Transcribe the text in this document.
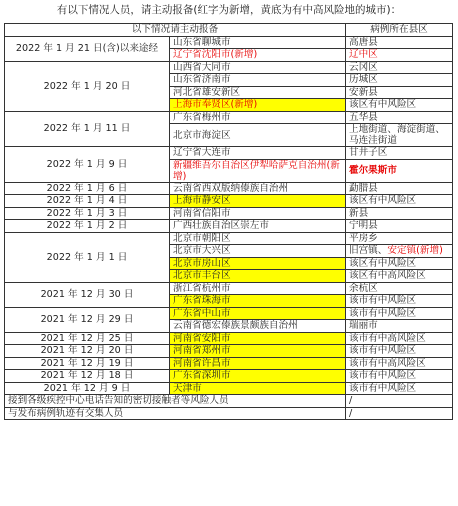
有以下情况人员，请主动报备(红字为新增，黄底为有中高风险地的城市)：
以下情况请主动报备		病例所在县区
2022 年 1 月 21 日(含)以来途经	山东省聊城市	高唐县
	辽宁省沈阳市(新增)	辽中区
2022 年 1 月 20 日	山西省大同市	云冈区
	山东省济南市	历城区
	河北省雄安新区	安新县
	上海市奉贤区(新增)	该区有中风险区
2022 年 1 月 11 日	广东省梅州市	五华县
	北京市海淀区	上地街道、海淀街道、马连洼街道
2022 年 1 月 9 日	辽宁省大连市	甘井子区
	新疆维吾尔自治区伊犁哈萨克自治州(新增)	霍尔果斯市
2022 年 1 月 6 日	云南省西双版纳傣族自治州	勐腊县
2022 年 1 月 4 日	上海市静安区	该区有中风险区
2022 年 1 月 3 日	河南省信阳市	新县
2022 年 1 月 2 日	广西壮族自治区崇左市	宁明县
2022 年 1 月 1 日	北京市朝阳区	平房乡
	北京市大兴区	旧宫镇、安定镇(新增)
	北京市房山区	该区有中风险区
	北京市丰台区	该区有中高风险区
2021 年 12 月 30 日	浙江省杭州市	余杭区
	广东省珠海市	该市有中风险区
2021 年 12 月 29 日	广东省中山市	该市有中风险区
	云南省德宏傣族景颇族自治州	瑞丽市
2021 年 12 月 25 日	河南省安阳市	该市有中高风险区
2021 年 12 月 20 日	河南省郑州市	该市有中风险区
2021 年 12 月 19 日	河南省许昌市	该市有中高风险区
2021 年 12 月 18 日	广东省深圳市	该市有中风险区
2021 年 12 月 9 日	天津市	该市有中风险区
接到各级疾控中心电话告知的密切接触者等风险人员		/
与发布病例轨迹有交集人员		/
